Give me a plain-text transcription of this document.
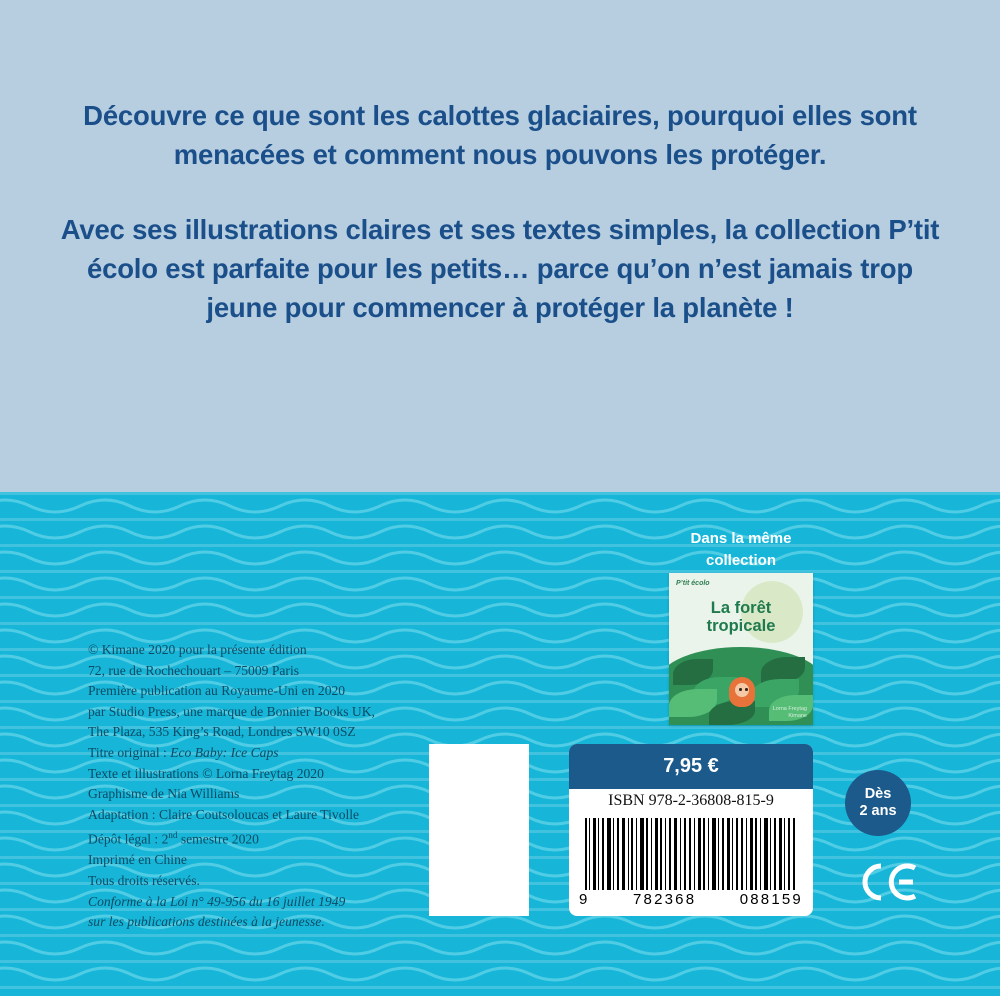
Découvre ce que sont les calottes glaciaires, pourquoi elles sont menacées et comment nous pouvons les protéger.

Avec ses illustrations claires et ses textes simples, la collection P’tit écolo est parfaite pour les petits… parce qu’on n’est jamais trop jeune pour commencer à protéger la planète !

© Kimane 2020 pour la présente édition
72, rue de Rochechouart – 75009 Paris
Première publication au Royaume-Uni en 2020
par Studio Press, une marque de Bonnier Books UK,
The Plaza, 535 King’s Road, Londres SW10 0SZ
Titre original : Eco Baby: Ice Caps
Texte et illustrations © Lorna Freytag 2020
Graphisme de Nia Williams
Adaptation : Claire Coutsoloucas et Laure Tivolle
Dépôt légal : 2nd semestre 2020
Imprimé en Chine
Tous droits réservés.
Conforme à la Loi n° 49-956 du 16 juillet 1949
sur les publications destinées à la jeunesse.
Dans la même
collection
P’tit écolo
La forêt
tropicale
Lorna Freytag
Kimane
7,95 €
ISBN 978-2-36808-815-9
9	782368	088159
Dès
2 ans
